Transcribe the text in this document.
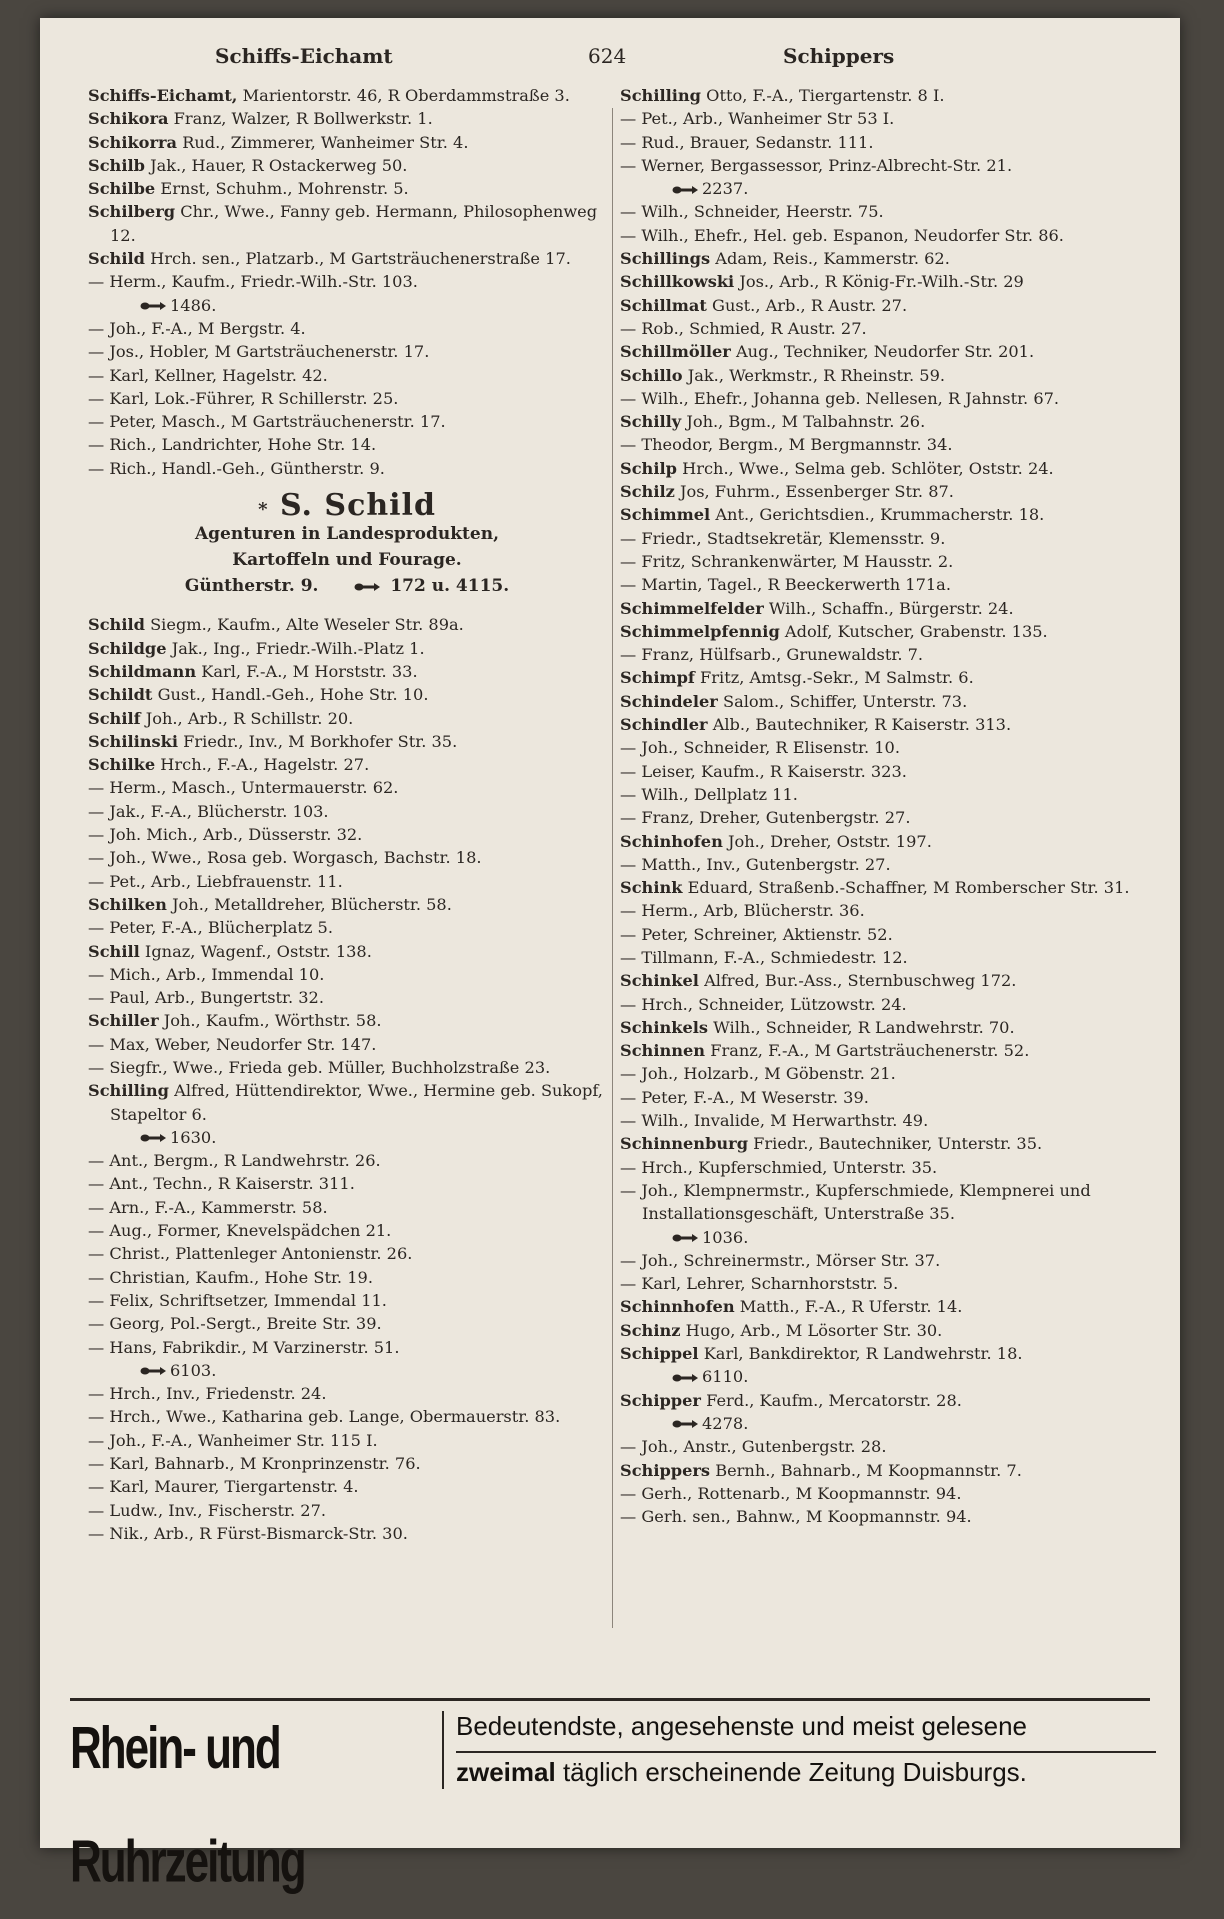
Schiffs-Eichamt	624	Schippers

Schiffs-Eichamt, Marientorstr. 46, R Oberdammstraße 3.

Schikora Franz, Walzer, R Bollwerkstr. 1.

Schikorra Rud., Zimmerer, Wanheimer Str. 4.

Schilb Jak., Hauer, R Ostackerweg 50.

Schilbe Ernst, Schuhm., Mohrenstr. 5.

Schilberg Chr., Wwe., Fanny geb. Hermann, Philosophenweg 12.

Schild Hrch. sen., Platzarb., M Gartsträuchenerstraße 17.

— Herm., Kaufm., Friedr.-Wilh.-Str. 103.
1486.

— Joh., F.-A., M Bergstr. 4.

— Jos., Hobler, M Gartsträuchenerstr. 17.

— Karl, Kellner, Hagelstr. 42.

— Karl, Lok.-Führer, R Schillerstr. 25.

— Peter, Masch., M Gartsträuchenerstr. 17.

— Rich., Landrichter, Hohe Str. 14.

— Rich., Handl.-Geh., Güntherstr. 9.

* S. Schild
Agenturen in Landesprodukten,
Kartoffeln und Fourage.
Güntherstr. 9.	172 u. 4115.

Schild Siegm., Kaufm., Alte Weseler Str. 89a.

Schildge Jak., Ing., Friedr.-Wilh.-Platz 1.

Schildmann Karl, F.-A., M Horststr. 33.

Schildt Gust., Handl.-Geh., Hohe Str. 10.

Schilf Joh., Arb., R Schillstr. 20.

Schilinski Friedr., Inv., M Borkhofer Str. 35.

Schilke Hrch., F.-A., Hagelstr. 27.

— Herm., Masch., Untermauerstr. 62.

— Jak., F.-A., Blücherstr. 103.

— Joh. Mich., Arb., Düsserstr. 32.

— Joh., Wwe., Rosa geb. Worgasch, Bachstr. 18.

— Pet., Arb., Liebfrauenstr. 11.

Schilken Joh., Metalldreher, Blücherstr. 58.

— Peter, F.-A., Blücherplatz 5.

Schill Ignaz, Wagenf., Oststr. 138.

— Mich., Arb., Immendal 10.

— Paul, Arb., Bungertstr. 32.

Schiller Joh., Kaufm., Wörthstr. 58.

— Max, Weber, Neudorfer Str. 147.

— Siegfr., Wwe., Frieda geb. Müller, Buchholzstraße 23.

Schilling Alfred, Hüttendirektor, Wwe., Hermine geb. Sukopf, Stapeltor 6.
1630.

— Ant., Bergm., R Landwehrstr. 26.

— Ant., Techn., R Kaiserstr. 311.

— Arn., F.-A., Kammerstr. 58.

— Aug., Former, Knevelspädchen 21.

— Christ., Plattenleger Antonienstr. 26.

— Christian, Kaufm., Hohe Str. 19.

— Felix, Schriftsetzer, Immendal 11.

— Georg, Pol.-Sergt., Breite Str. 39.

— Hans, Fabrikdir., M Varzinerstr. 51.
6103.

— Hrch., Inv., Friedenstr. 24.

— Hrch., Wwe., Katharina geb. Lange, Obermauerstr. 83.

— Joh., F.-A., Wanheimer Str. 115 I.

— Karl, Bahnarb., M Kronprinzenstr. 76.

— Karl, Maurer, Tiergartenstr. 4.

— Ludw., Inv., Fischerstr. 27.

— Nik., Arb., R Fürst-Bismarck-Str. 30.

Schilling Otto, F.-A., Tiergartenstr. 8 I.

— Pet., Arb., Wanheimer Str 53 I.

— Rud., Brauer, Sedanstr. 111.

— Werner, Bergassessor, Prinz-Albrecht-Str. 21.
2237.

— Wilh., Schneider, Heerstr. 75.

— Wilh., Ehefr., Hel. geb. Espanon, Neudorfer Str. 86.

Schillings Adam, Reis., Kammerstr. 62.

Schillkowski Jos., Arb., R König-Fr.-Wilh.-Str. 29

Schillmat Gust., Arb., R Austr. 27.

— Rob., Schmied, R Austr. 27.

Schillmöller Aug., Techniker, Neudorfer Str. 201.

Schillo Jak., Werkmstr., R Rheinstr. 59.

— Wilh., Ehefr., Johanna geb. Nellesen, R Jahnstr. 67.

Schilly Joh., Bgm., M Talbahnstr. 26.

— Theodor, Bergm., M Bergmannstr. 34.

Schilp Hrch., Wwe., Selma geb. Schlöter, Oststr. 24.

Schilz Jos, Fuhrm., Essenberger Str. 87.

Schimmel Ant., Gerichtsdien., Krummacherstr. 18.

— Friedr., Stadtsekretär, Klemensstr. 9.

— Fritz, Schrankenwärter, M Hausstr. 2.

— Martin, Tagel., R Beeckerwerth 171a.

Schimmelfelder Wilh., Schaffn., Bürgerstr. 24.

Schimmelpfennig Adolf, Kutscher, Grabenstr. 135.

— Franz, Hülfsarb., Grunewaldstr. 7.

Schimpf Fritz, Amtsg.-Sekr., M Salmstr. 6.

Schindeler Salom., Schiffer, Unterstr. 73.

Schindler Alb., Bautechniker, R Kaiserstr. 313.

— Joh., Schneider, R Elisenstr. 10.

— Leiser, Kaufm., R Kaiserstr. 323.

— Wilh., Dellplatz 11.

— Franz, Dreher, Gutenbergstr. 27.

Schinhofen Joh., Dreher, Oststr. 197.

— Matth., Inv., Gutenbergstr. 27.

Schink Eduard, Straßenb.-Schaffner, M Romberscher Str. 31.

— Herm., Arb, Blücherstr. 36.

— Peter, Schreiner, Aktienstr. 52.

— Tillmann, F.-A., Schmiedestr. 12.

Schinkel Alfred, Bur.-Ass., Sternbuschweg 172.

— Hrch., Schneider, Lützowstr. 24.

Schinkels Wilh., Schneider, R Landwehrstr. 70.

Schinnen Franz, F.-A., M Gartsträuchenerstr. 52.

— Joh., Holzarb., M Göbenstr. 21.

— Peter, F.-A., M Weserstr. 39.

— Wilh., Invalide, M Herwarthstr. 49.

Schinnenburg Friedr., Bautechniker, Unterstr. 35.

— Hrch., Kupferschmied, Unterstr. 35.

— Joh., Klempnermstr., Kupferschmiede, Klempnerei und Installationsgeschäft, Unterstraße 35.
1036.

— Joh., Schreinermstr., Mörser Str. 37.

— Karl, Lehrer, Scharnhorststr. 5.

Schinnhofen Matth., F.-A., R Uferstr. 14.

Schinz Hugo, Arb., M Lösorter Str. 30.

Schippel Karl, Bankdirektor, R Landwehrstr. 18.
6110.

Schipper Ferd., Kaufm., Mercatorstr. 28.
4278.

— Joh., Anstr., Gutenbergstr. 28.

Schippers Bernh., Bahnarb., M Koopmannstr. 7.

— Gerh., Rottenarb., M Koopmannstr. 94.

— Gerh. sen., Bahnw., M Koopmannstr. 94.

Rhein- und Ruhrzeitung
Bedeutendste, angesehenste und meist gelesene
zweimal täglich erscheinende Zeitung Duisburgs.
